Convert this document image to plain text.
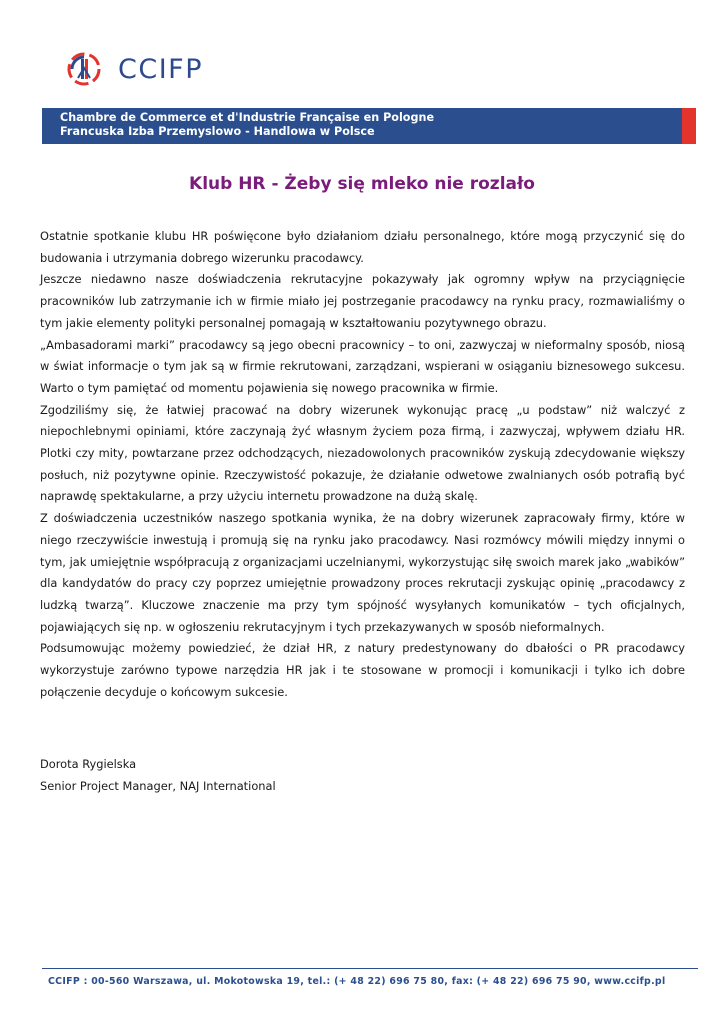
CCIFP
Chambre de Commerce et d'Industrie Française en Pologne
Francuska Izba Przemyslowo - Handlowa w Polsce
Klub HR - Żeby się mleko nie rozlało

Ostatnie spotkanie klubu HR poświęcone było działaniom działu personalnego, które mogą przyczynić się do budowania i utrzymania dobrego wizerunku pracodawcy.

Jeszcze niedawno nasze doświadczenia rekrutacyjne pokazywały jak ogromny wpływ na przyciągnięcie pracowników lub zatrzymanie ich w firmie miało jej postrzeganie pracodawcy na rynku pracy, rozmawialiśmy o tym jakie elementy polityki personalnej pomagają w kształtowaniu pozytywnego obrazu.

„Ambasadorami marki” pracodawcy są jego obecni pracownicy – to oni, zazwyczaj w nieformalny sposób, niosą w świat informacje o tym jak są w firmie rekrutowani, zarządzani, wspierani w osiąganiu biznesowego sukcesu. Warto o tym pamiętać od momentu pojawienia się nowego pracownika w firmie.

Zgodziliśmy się, że łatwiej pracować na dobry wizerunek wykonując pracę „u podstaw” niż walczyć z niepochlebnymi opiniami, które zaczynają żyć własnym życiem poza firmą, i zazwyczaj, wpływem działu HR. Plotki czy mity, powtarzane przez odchodzących, niezadowolonych pracowników zyskują zdecydowanie większy posłuch, niż pozytywne opinie. Rzeczywistość pokazuje, że działanie odwetowe zwalnianych osób potrafią być naprawdę spektakularne, a przy użyciu internetu prowadzone na dużą skalę.

Z doświadczenia uczestników naszego spotkania wynika, że na dobry wizerunek zapracowały firmy, które w niego rzeczywiście inwestują i promują się na rynku jako pracodawcy. Nasi rozmówcy mówili między innymi o tym, jak umiejętnie współpracują z organizacjami uczelnianymi, wykorzystując siłę swoich marek jako „wabików” dla kandydatów do pracy czy poprzez umiejętnie prowadzony proces rekrutacji zyskując opinię „pracodawcy z ludzką twarzą”. Kluczowe znaczenie ma przy tym spójność wysyłanych komunikatów – tych oficjalnych, pojawiających się np. w ogłoszeniu rekrutacyjnym i tych przekazywanych w sposób nieformalnych.

Podsumowując możemy powiedzieć, że dział HR, z natury predestynowany do dbałości o PR pracodawcy wykorzystuje zarówno typowe narzędzia HR jak i te stosowane w promocji i komunikacji i tylko ich dobre połączenie decyduje o końcowym sukcesie.

Dorota Rygielska
Senior Project Manager, NAJ International
CCIFP : 00-560 Warszawa, ul. Mokotowska 19, tel.: (+ 48 22) 696 75 80, fax: (+ 48 22) 696 75 90, www.ccifp.pl
